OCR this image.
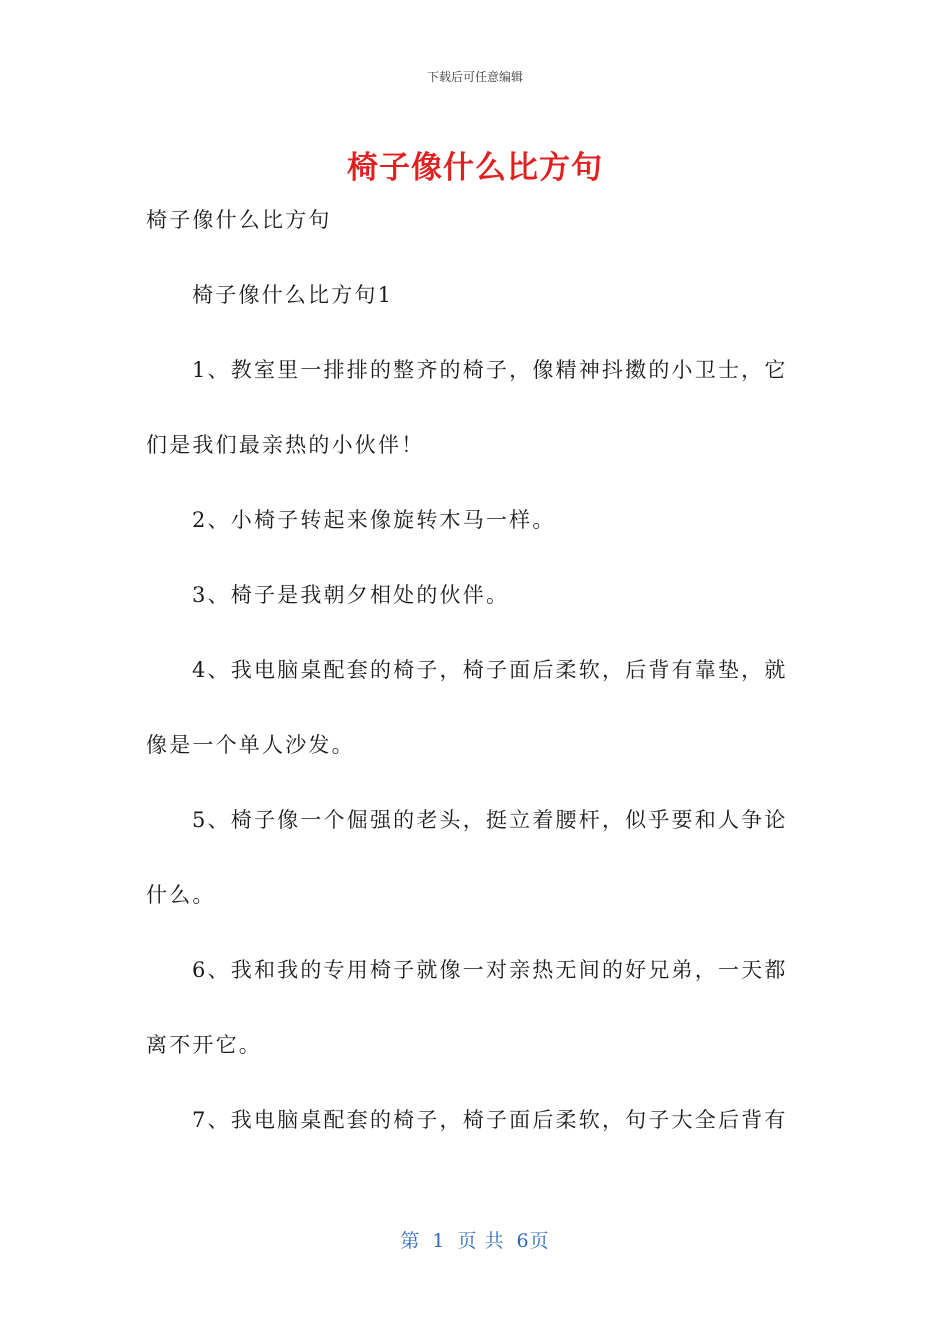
下载后可任意编辑
椅子像什么比方句
椅子像什么比方句
椅子像什么比方句1
1、教室里一排排的整齐的椅子，像精神抖擞的小卫士，它
们是我们最亲热的小伙伴！
2、小椅子转起来像旋转木马一样。
3、椅子是我朝夕相处的伙伴。
4、我电脑桌配套的椅子，椅子面后柔软，后背有靠垫，就
像是一个单人沙发。
5、椅子像一个倔强的老头，挺立着腰杆，似乎要和人争论
什么。
6、我和我的专用椅子就像一对亲热无间的好兄弟，一天都
离不开它。
7、我电脑桌配套的椅子，椅子面后柔软，句子大全后背有
第 1 页 共 6页
